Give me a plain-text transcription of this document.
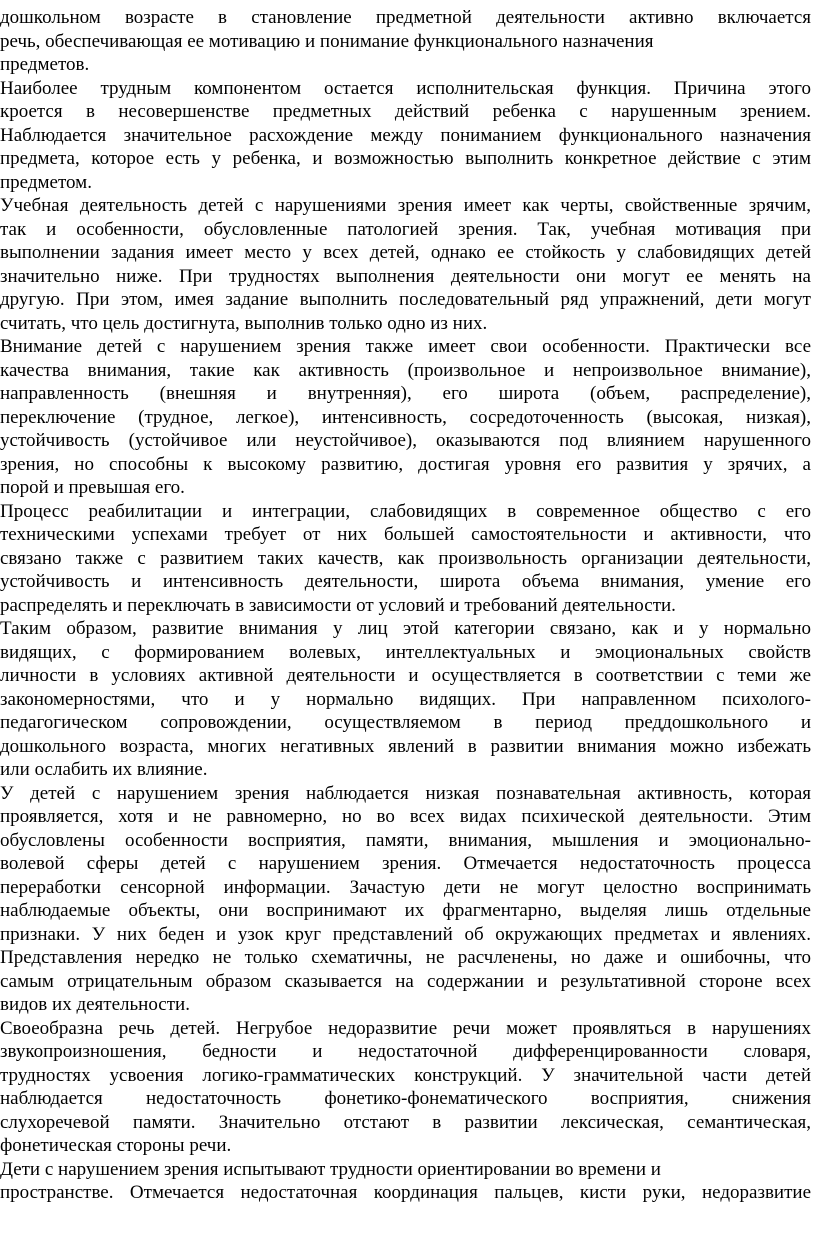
дошкольном возрасте в становление предметной деятельности активно включается
речь, обеспечивающая ее мотивацию и понимание функционального назначения
предметов.
Наиболее трудным компонентом остается исполнительская функция. Причина этого
кроется в несовершенстве предметных действий ребенка с нарушенным зрением.
Наблюдается значительное расхождение между пониманием функционального назначения
предмета, которое есть у ребенка, и возможностью выполнить конкретное действие с этим
предметом.
Учебная деятельность детей с нарушениями зрения имеет как черты, свойственные зрячим,
так и особенности, обусловленные патологией зрения. Так, учебная мотивация при
выполнении задания имеет место у всех детей, однако ее стойкость у слабовидящих детей
значительно ниже. При трудностях выполнения деятельности они могут ее менять на
другую. При этом, имея задание выполнить последовательный ряд упражнений, дети могут
считать, что цель достигнута, выполнив только одно из них.
Внимание детей с нарушением зрения также имеет свои особенности. Практически все
качества внимания, такие как активность (произвольное и непроизвольное внимание),
направленность (внешняя и внутренняя), его широта (объем, распределение),
переключение (трудное, легкое), интенсивность, сосредоточенность (высокая, низкая),
устойчивость (устойчивое или неустойчивое), оказываются под влиянием нарушенного
зрения, но способны к высокому развитию, достигая уровня его развития у зрячих, а
порой и превышая его.
Процесс реабилитации и интеграции, слабовидящих в современное общество с его
техническими успехами требует от них большей самостоятельности и активности, что
связано также с развитием таких качеств, как произвольность организации деятельности,
устойчивость и интенсивность деятельности, широта объема внимания, умение его
распределять и переключать в зависимости от условий и требований деятельности.
Таким образом, развитие внимания у лиц этой категории связано, как и у нормально
видящих, с формированием волевых, интеллектуальных и эмоциональных свойств
личности в условиях активной деятельности и осуществляется в соответствии с теми же
закономерностями, что и у нормально видящих. При направленном психолого-
педагогическом сопровождении, осуществляемом в период преддошкольного и
дошкольного возраста, многих негативных явлений в развитии внимания можно избежать
или ослабить их влияние.
У детей с нарушением зрения наблюдается низкая познавательная активность, которая
проявляется, хотя и не равномерно, но во всех видах психической деятельности. Этим
обусловлены особенности восприятия, памяти, внимания, мышления и эмоционально-
волевой сферы детей с нарушением зрения. Отмечается недостаточность процесса
переработки сенсорной информации. Зачастую дети не могут целостно воспринимать
наблюдаемые объекты, они воспринимают их фрагментарно, выделяя лишь отдельные
признаки. У них беден и узок круг представлений об окружающих предметах и явлениях.
Представления нередко не только схематичны, не расчленены, но даже и ошибочны, что
самым отрицательным образом сказывается на содержании и результативной стороне всех
видов их деятельности.
Своеобразна речь детей. Негрубое недоразвитие речи может проявляться в нарушениях
звукопроизношения, бедности и недостаточной дифференцированности словаря,
трудностях усвоения логико-грамматических конструкций. У значительной части детей
наблюдается недостаточность фонетико-фонематического восприятия, снижения
слухоречевой памяти. Значительно отстают в развитии лексическая, семантическая,
фонетическая стороны речи.
Дети с нарушением зрения испытывают трудности ориентировании во времени и
пространстве. Отмечается недостаточная координация пальцев, кисти руки, недоразвитие
